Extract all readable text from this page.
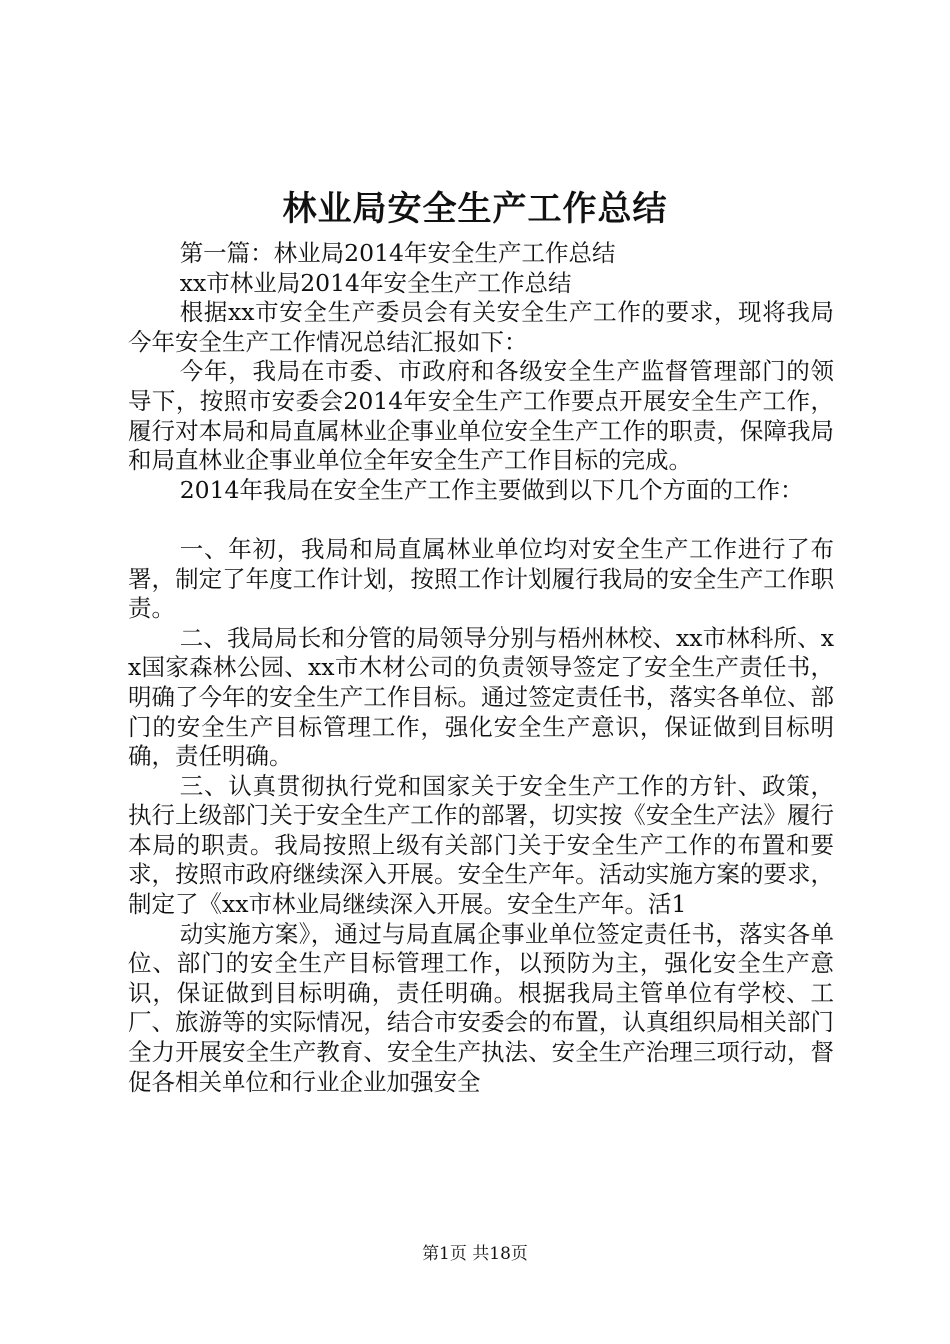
林业局安全生产工作总结

第一篇：林业局2014年安全生产工作总结

xx市林业局2014年安全生产工作总结

根据xx市安全生产委员会有关安全生产工作的要求，现将我局今年安全生产工作情况总结汇报如下：

今年，我局在市委、市政府和各级安全生产监督管理部门的领导下，按照市安委会2014年安全生产工作要点开展安全生产工作，履行对本局和局直属林业企事业单位安全生产工作的职责，保障我局和局直林业企事业单位全年安全生产工作目标的完成。

2014年我局在安全生产工作主要做到以下几个方面的工作：

一、年初，我局和局直属林业单位均对安全生产工作进行了布署，制定了年度工作计划，按照工作计划履行我局的安全生产工作职责。

二、我局局长和分管的局领导分别与梧州林校、xx市林科所、xx国家森林公园、xx市木材公司的负责领导签定了安全生产责任书，明确了今年的安全生产工作目标。通过签定责任书，落实各单位、部门的安全生产目标管理工作，强化安全生产意识，保证做到目标明确，责任明确。

三、认真贯彻执行党和国家关于安全生产工作的方针、政策，执行上级部门关于安全生产工作的部署，切实按《安全生产法》履行本局的职责。我局按照上级有关部门关于安全生产工作的布置和要求，按照市政府继续深入开展。安全生产年。活动实施方案的要求，制定了《xx市林业局继续深入开展。安全生产年。活1

动实施方案》，通过与局直属企事业单位签定责任书，落实各单位、部门的安全生产目标管理工作，以预防为主，强化安全生产意识，保证做到目标明确，责任明确。根据我局主管单位有学校、工厂、旅游等的实际情况，结合市安委会的布置，认真组织局相关部门全力开展安全生产教育、安全生产执法、安全生产治理三项行动，督促各相关单位和行业企业加强安全

第1页 共18页
